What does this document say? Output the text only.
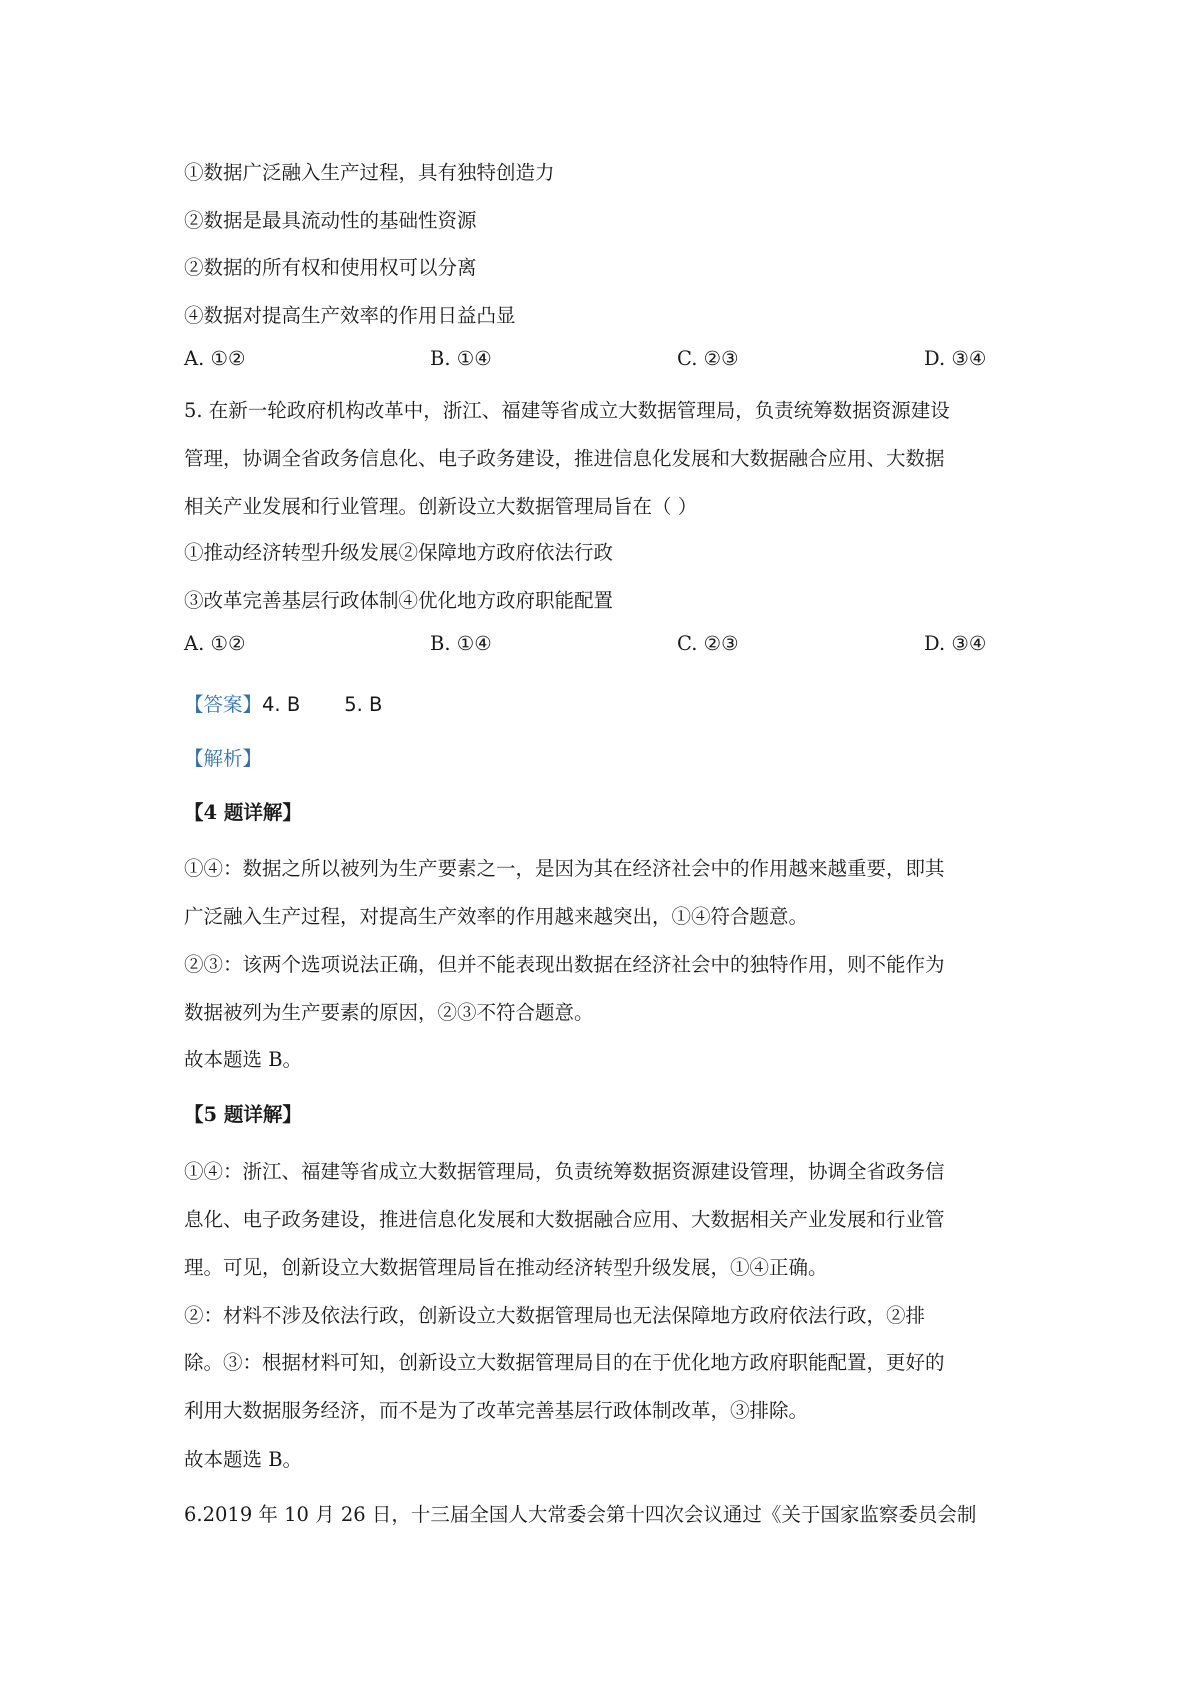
①数据广泛融入生产过程，具有独特创造力
②数据是最具流动性的基础性资源
②数据的所有权和使用权可以分离
④数据对提高生产效率的作用日益凸显
A. ①②	B. ①④	C. ②③	D. ③④
5. 在新一轮政府机构改革中，浙江、福建等省成立大数据管理局，负责统筹数据资源建设
管理，协调全省政务信息化、电子政务建设，推进信息化发展和大数据融合应用、大数据
相关产业发展和行业管理。创新设立大数据管理局旨在（ ）
①推动经济转型升级发展②保障地方政府依法行政
③改革完善基层行政体制④优化地方政府职能配置
A. ①②	B. ①④	C. ②③	D. ③④
【答案】4. B 5. B
【解析】
【4 题详解】
①④：数据之所以被列为生产要素之一，是因为其在经济社会中的作用越来越重要，即其
广泛融入生产过程，对提高生产效率的作用越来越突出，①④符合题意。
②③：该两个选项说法正确，但并不能表现出数据在经济社会中的独特作用，则不能作为
数据被列为生产要素的原因，②③不符合题意。
故本题选 B。
【5 题详解】
①④：浙江、福建等省成立大数据管理局，负责统筹数据资源建设管理，协调全省政务信
息化、电子政务建设，推进信息化发展和大数据融合应用、大数据相关产业发展和行业管
理。可见，创新设立大数据管理局旨在推动经济转型升级发展，①④正确。
②：材料不涉及依法行政，创新设立大数据管理局也无法保障地方政府依法行政，②排
除。③：根据材料可知，创新设立大数据管理局目的在于优化地方政府职能配置，更好的
利用大数据服务经济，而不是为了改革完善基层行政体制改革，③排除。
故本题选 B。
6.2019 年 10 月 26 日，十三届全国人大常委会第十四次会议通过《关于国家监察委员会制
